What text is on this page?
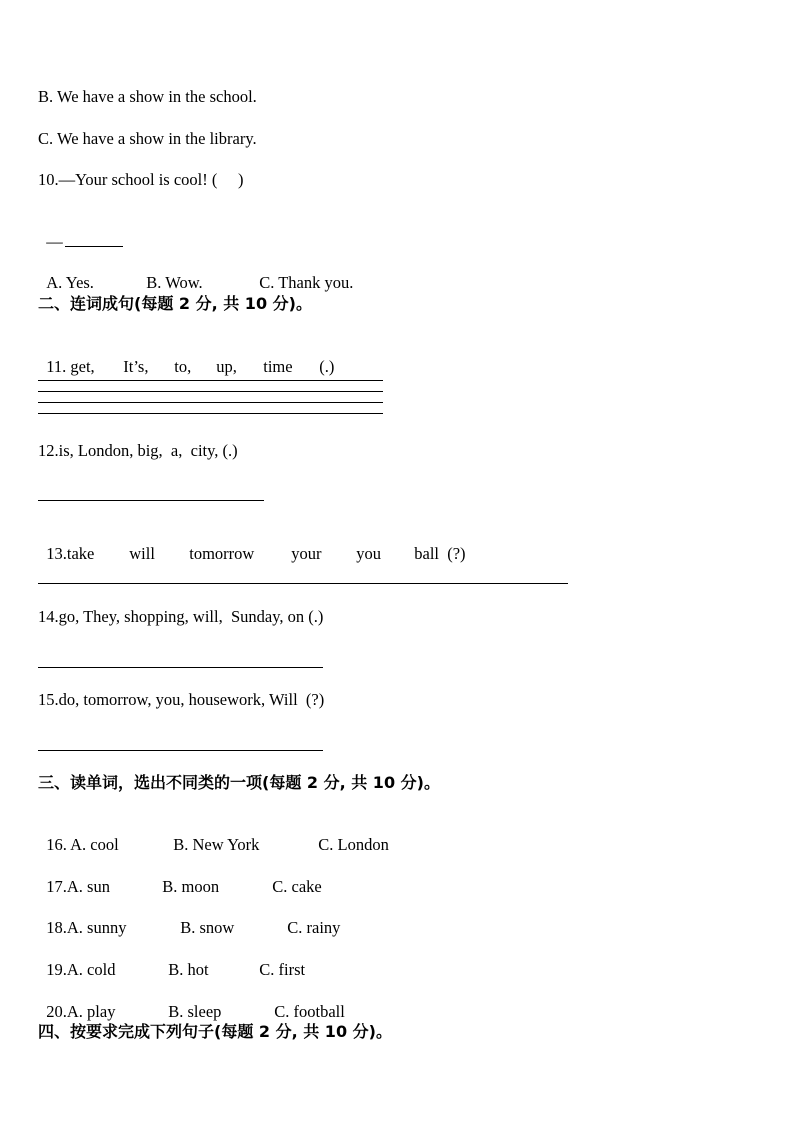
B. We have a show in the school.
C. We have a show in the library.
10.—Your school is cool! (     )

—

A. Yes.	B. Wow.	C. Thank you.

二、连词成句(每题 2 分, 共 10 分)。

11. get, It’s, to, up, time (.)

12.is, London, big,  a,  city, (.)

13.take will tomorrow your you ball  (?)

14.go, They, shopping, will,  Sunday, on (.)
15.do, tomorrow, you, housework, Will  (?)
三、读单词，选出不同类的一项(每题 2 分, 共 10 分)。

16. A. cool	B. New York	C. London

17.A. sun	B. moon	C. cake

18.A. sunny	B. snow	C. rainy

19.A. cold	B. hot	C. first

20.A. play	B. sleep	C. football

四、按要求完成下列句子(每题 2 分, 共 10 分)。
